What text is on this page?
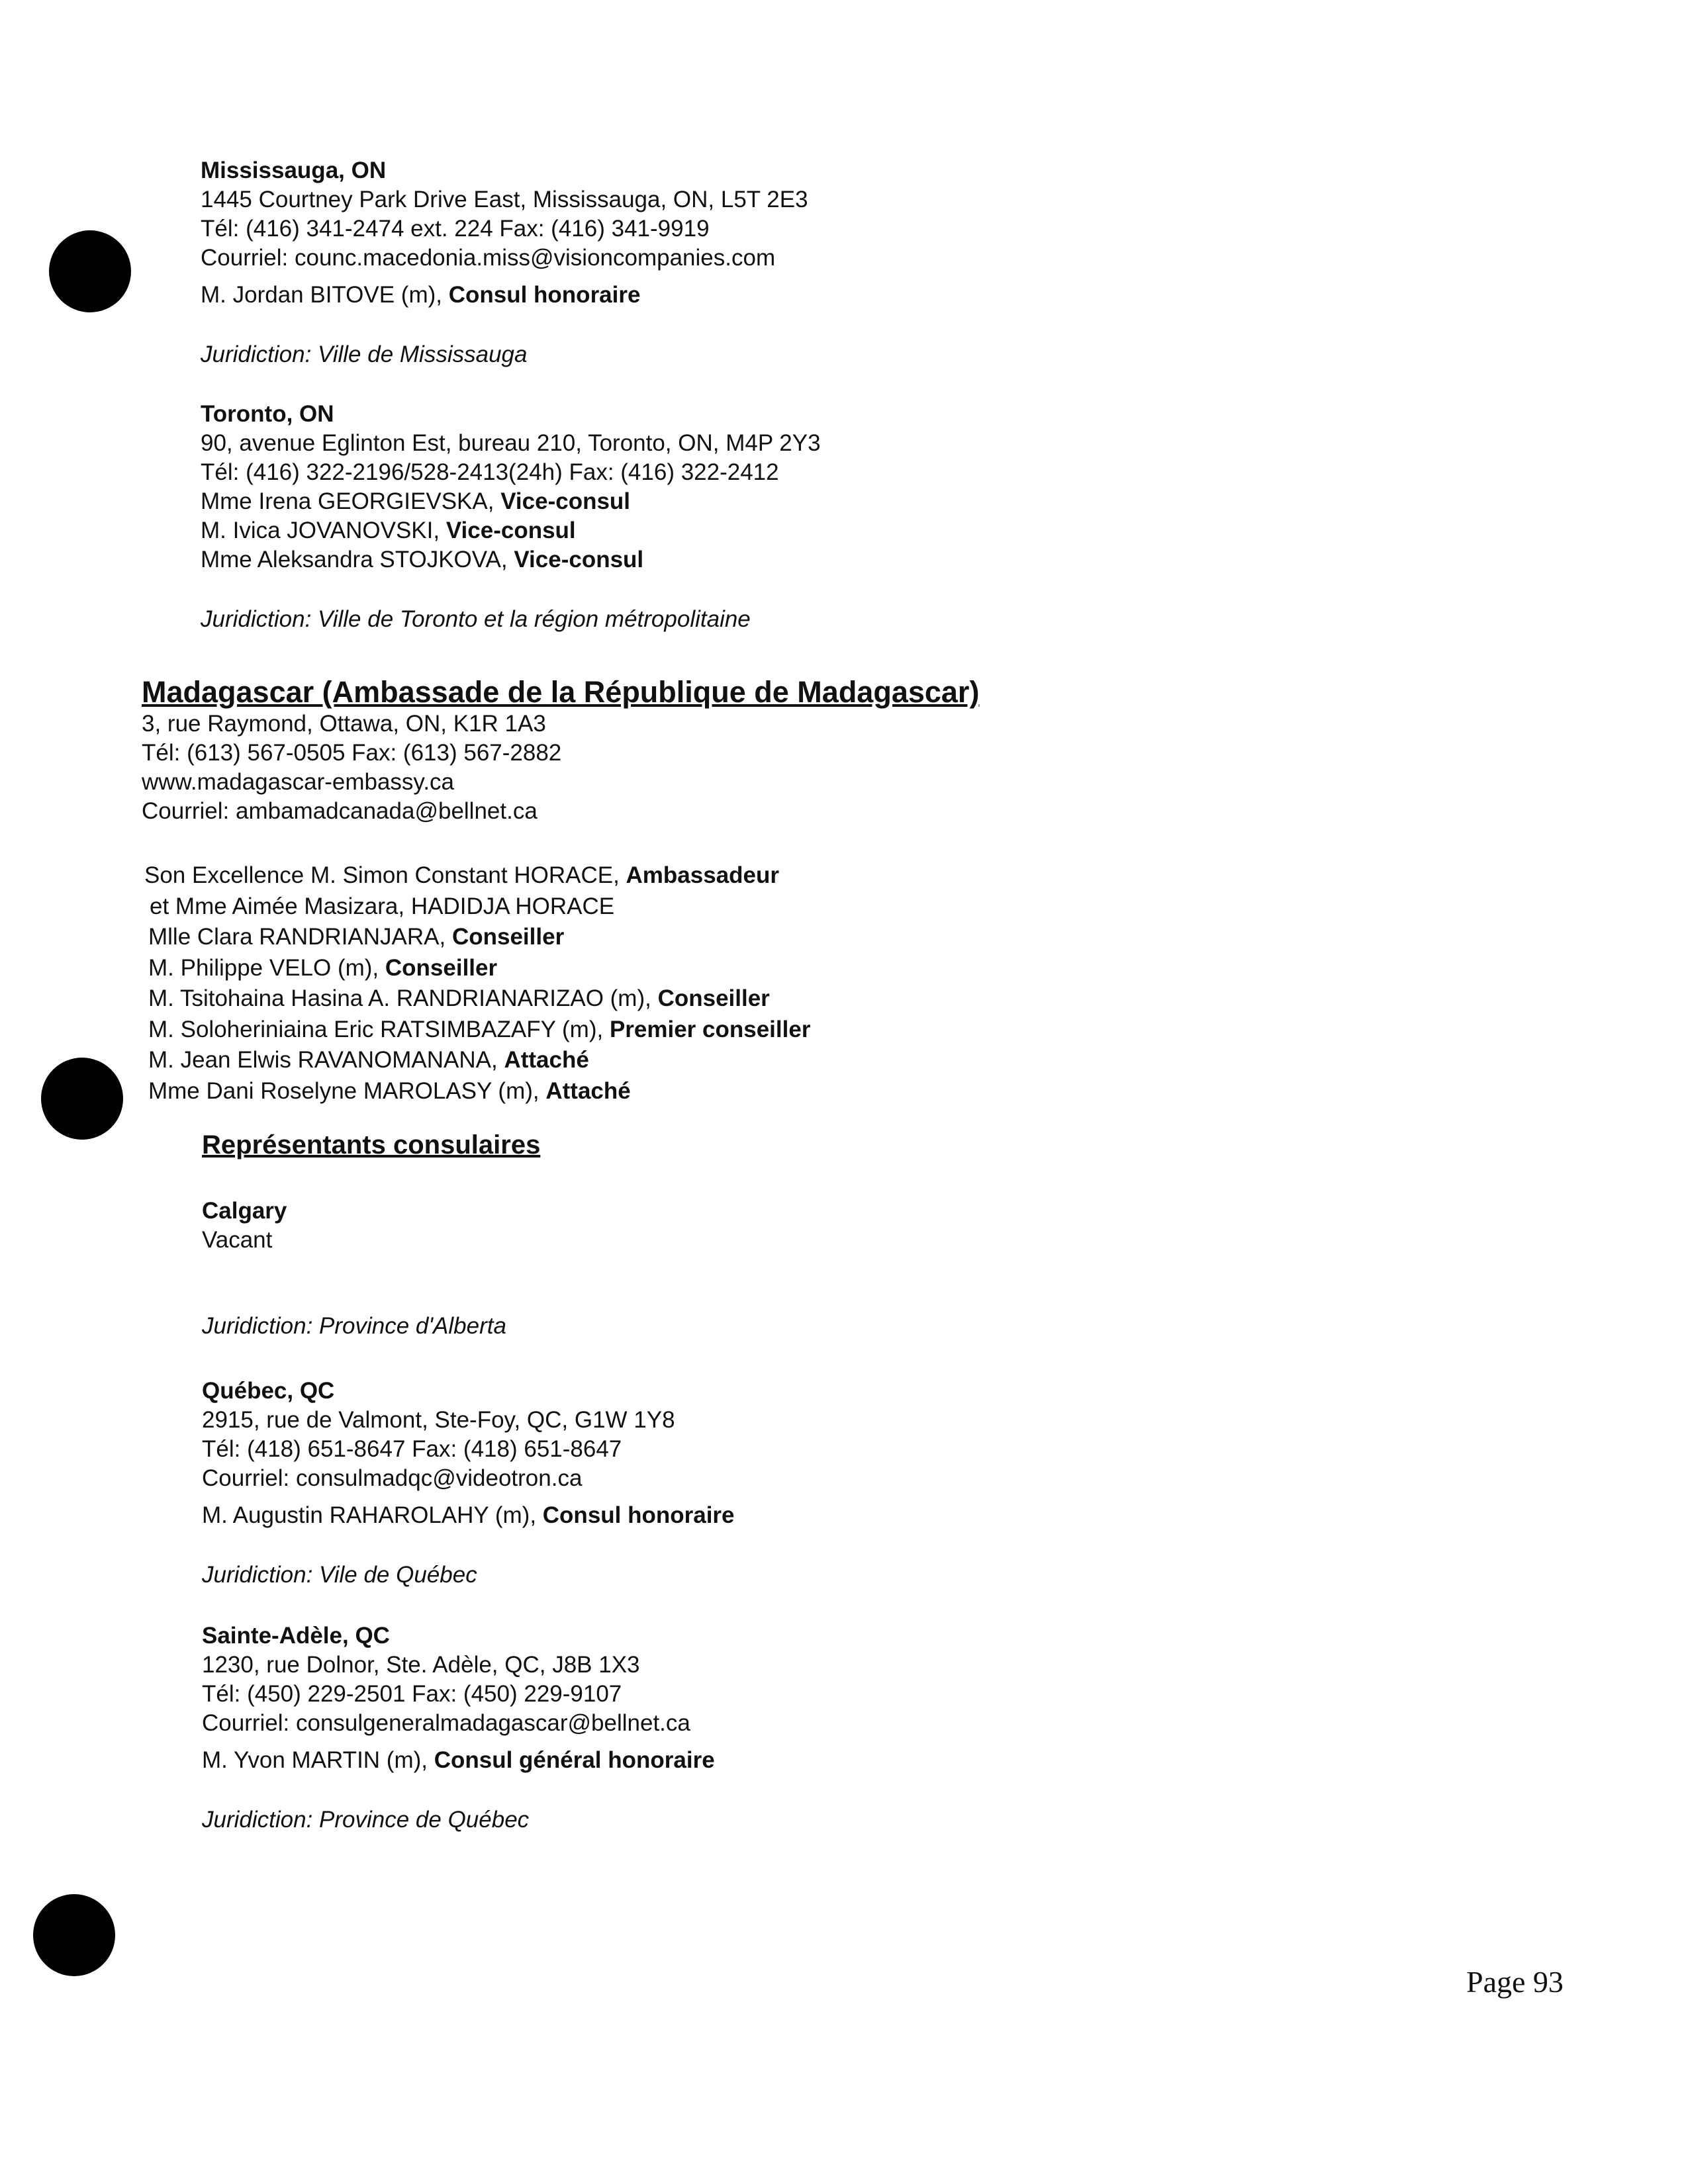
Mississauga, ON
1445 Courtney Park Drive East, Mississauga, ON, L5T 2E3
Tél: (416) 341-2474 ext. 224 Fax: (416) 341-9919
Courriel: counc.macedonia.miss@visioncompanies.com
M. Jordan BITOVE (m), Consul honoraire
Juridiction: Ville de Mississauga
Toronto, ON
90, avenue Eglinton Est, bureau 210, Toronto, ON, M4P 2Y3
Tél: (416) 322-2196/528-2413(24h) Fax: (416) 322-2412
Mme Irena GEORGIEVSKA, Vice-consul
M. Ivica JOVANOVSKI, Vice-consul
Mme Aleksandra STOJKOVA, Vice-consul
Juridiction: Ville de Toronto et la région métropolitaine
Madagascar (Ambassade de la République de Madagascar)
3, rue Raymond, Ottawa, ON, K1R 1A3
Tél: (613) 567-0505 Fax: (613) 567-2882
www.madagascar-embassy.ca
Courriel: ambamadcanada@bellnet.ca
Son Excellence M. Simon Constant HORACE, Ambassadeur
et Mme Aimée Masizara, HADIDJA HORACE
Mlle Clara RANDRIANJARA, Conseiller
M. Philippe VELO (m), Conseiller
M. Tsitohaina Hasina A. RANDRIANARIZAO (m), Conseiller
M. Soloheriniaina Eric RATSIMBAZAFY (m), Premier conseiller
M. Jean Elwis RAVANOMANANA, Attaché
Mme Dani Roselyne MAROLASY (m), Attaché
Représentants consulaires
Calgary
Vacant
Juridiction: Province d'Alberta
Québec, QC
2915, rue de Valmont, Ste-Foy, QC, G1W 1Y8
Tél: (418) 651-8647 Fax: (418) 651-8647
Courriel: consulmadqc@videotron.ca
M. Augustin RAHAROLAHY (m), Consul honoraire
Juridiction: Vile de Québec
Sainte-Adèle, QC
1230, rue Dolnor, Ste. Adèle, QC, J8B 1X3
Tél: (450) 229-2501 Fax: (450) 229-9107
Courriel: consulgeneralmadagascar@bellnet.ca
M. Yvon MARTIN (m), Consul général honoraire
Juridiction: Province de Québec
Page 93
